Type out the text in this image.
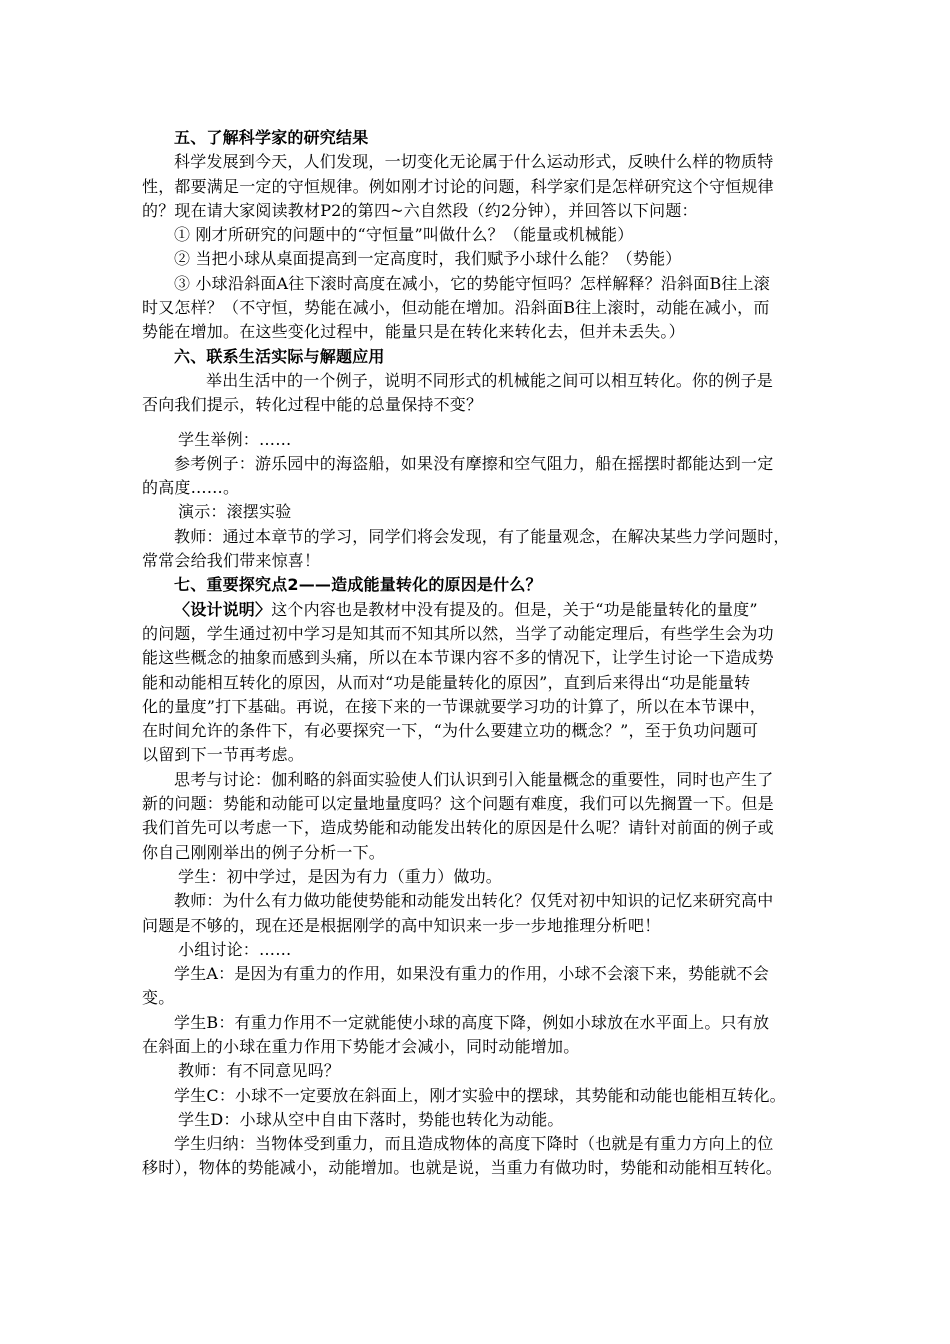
五、了解科学家的研究结果
科学发展到今天，人们发现，一切变化无论属于什么运动形式，反映什么样的物质特
性，都要满足一定的守恒规律。例如刚才讨论的问题，科学家们是怎样研究这个守恒规律
的？现在请大家阅读教材P2的第四~六自然段（约2分钟），并回答以下问题：
① 刚才所研究的问题中的“守恒量”叫做什么？（能量或机械能）
② 当把小球从桌面提高到一定高度时，我们赋予小球什么能？（势能）
③ 小球沿斜面A往下滚时高度在减小，它的势能守恒吗？怎样解释？沿斜面B往上滚
时又怎样？（不守恒，势能在减小，但动能在增加。沿斜面B往上滚时，动能在减小，而
势能在增加。在这些变化过程中，能量只是在转化来转化去，但并未丢失。）
六、联系生活实际与解题应用
举出生活中的一个例子，说明不同形式的机械能之间可以相互转化。你的例子是
否向我们提示，转化过程中能的总量保持不变？
学生举例：……
参考例子：游乐园中的海盗船，如果没有摩擦和空气阻力，船在摇摆时都能达到一定
的高度……。
演示：滚摆实验
教师：通过本章节的学习，同学们将会发现，有了能量观念，在解决某些力学问题时，
常常会给我们带来惊喜！
七、重要探究点2——造成能量转化的原因是什么？
〈设计说明〉这个内容也是教材中没有提及的。但是，关于“功是能量转化的量度”
的问题，学生通过初中学习是知其而不知其所以然，当学了动能定理后，有些学生会为功
能这些概念的抽象而感到头痛，所以在本节课内容不多的情况下，让学生讨论一下造成势
能和动能相互转化的原因，从而对“功是能量转化的原因”，直到后来得出“功是能量转
化的量度”打下基础。再说，在接下来的一节课就要学习功的计算了，所以在本节课中，
在时间允许的条件下，有必要探究一下，“为什么要建立功的概念？”，至于负功问题可
以留到下一节再考虑。
思考与讨论：伽利略的斜面实验使人们认识到引入能量概念的重要性，同时也产生了
新的问题：势能和动能可以定量地量度吗？这个问题有难度，我们可以先搁置一下。但是
我们首先可以考虑一下，造成势能和动能发出转化的原因是什么呢？请针对前面的例子或
你自己刚刚举出的例子分析一下。
学生：初中学过，是因为有力（重力）做功。
教师：为什么有力做功能使势能和动能发出转化？仅凭对初中知识的记忆来研究高中
问题是不够的，现在还是根据刚学的高中知识来一步一步地推理分析吧！
小组讨论：……
学生A：是因为有重力的作用，如果没有重力的作用，小球不会滚下来，势能就不会
变。
学生B：有重力作用不一定就能使小球的高度下降，例如小球放在水平面上。只有放
在斜面上的小球在重力作用下势能才会减小，同时动能增加。
教师：有不同意见吗？
学生C：小球不一定要放在斜面上，刚才实验中的摆球，其势能和动能也能相互转化。
学生D：小球从空中自由下落时，势能也转化为动能。
学生归纳：当物体受到重力，而且造成物体的高度下降时（也就是有重力方向上的位
移时），物体的势能减小，动能增加。也就是说，当重力有做功时，势能和动能相互转化。
